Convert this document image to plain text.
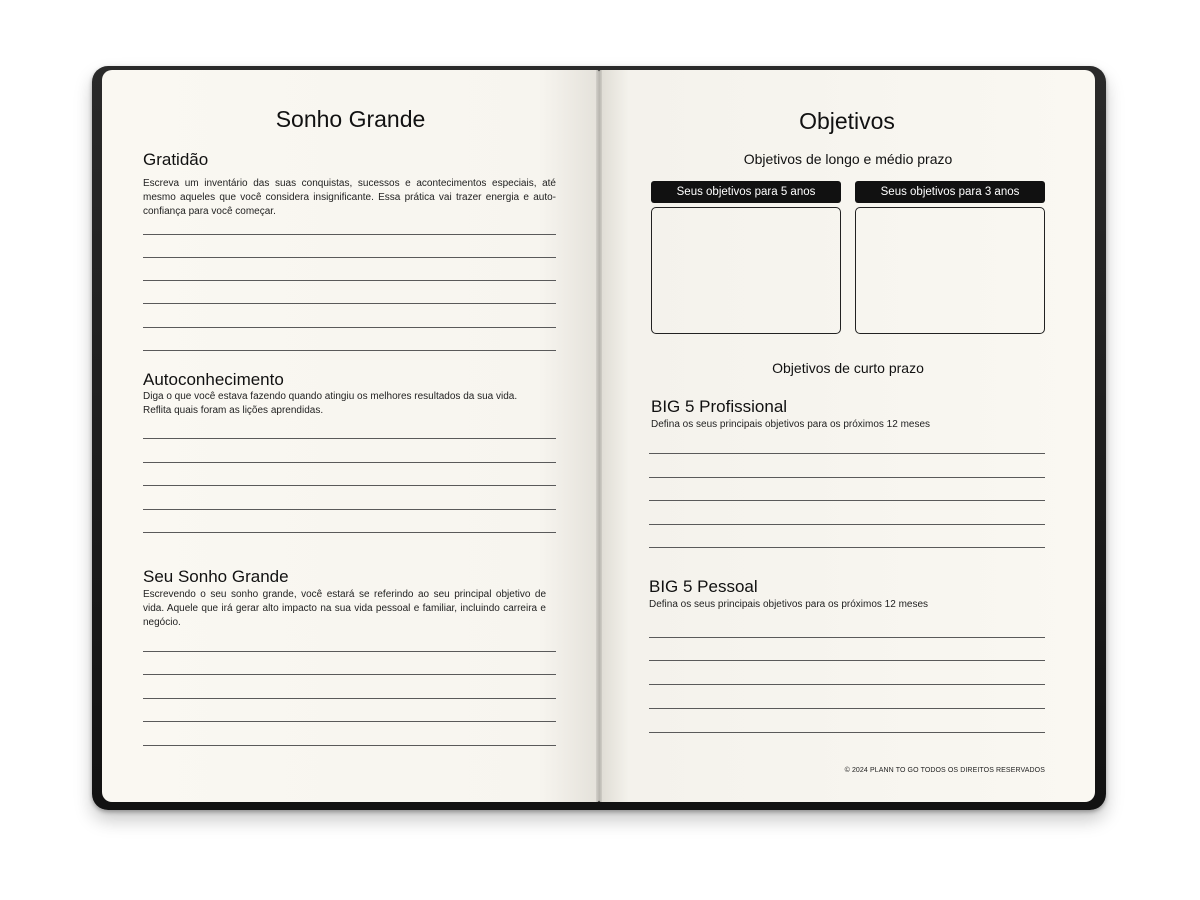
Sonho Grande
Gratidão
Escreva um inventário das suas conquistas, sucessos e acontecimentos especiais, até mesmo aqueles que você considera insignificante. Essa prática vai trazer energia e auto-confiança para você começar.
Autoconhecimento
Diga o que você estava fazendo quando atingiu os melhores resultados da sua vida. Reflita quais foram as lições aprendidas.
Seu Sonho Grande
Escrevendo o seu sonho grande, você estará se referindo ao seu principal objetivo de vida. Aquele que irá gerar alto impacto na sua vida pessoal e familiar, incluindo carreira e negócio.
Objetivos
Objetivos de longo e médio prazo
Seus objetivos para 5 anos	Seus objetivos para 3 anos
Objetivos de curto prazo
BIG 5 Profissional
Defina os seus principais objetivos para os próximos 12 meses
BIG 5 Pessoal
Defina os seus principais objetivos para os próximos 12 meses
© 2024 PLANN TO GO TODOS OS DIREITOS RESERVADOS
